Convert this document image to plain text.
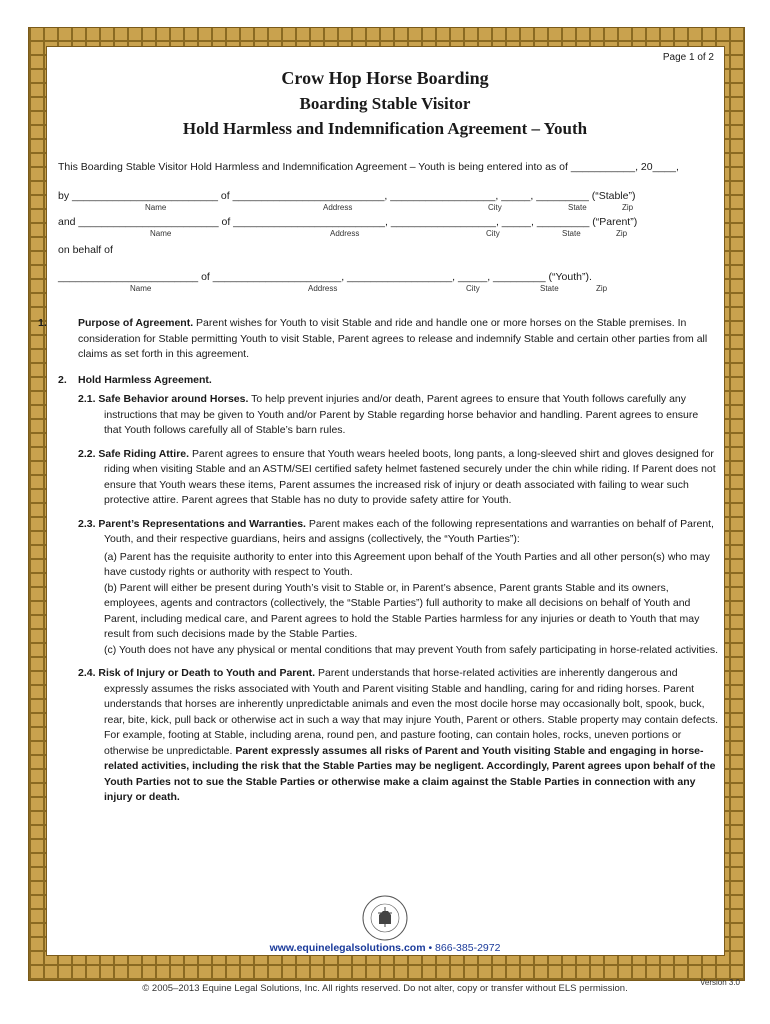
Page 1 of 2
Crow Hop Horse Boarding
Boarding Stable Visitor
Hold Harmless and Indemnification Agreement – Youth
This Boarding Stable Visitor Hold Harmless and Indemnification Agreement – Youth is being entered into as of ___________, 20____,
by _________________________ of __________________________, __________________, _____, _________ (“Stable”)
Name	Address	City	State	Zip
and ________________________ of __________________________, __________________, _____, _________ (“Parent”)
Name	Address	City	State	Zip
on behalf of
________________________ of ______________________, __________________, _____, _________ (“Youth”).
Name	Address	City	State	Zip
1.	Purpose of Agreement. Parent wishes for Youth to visit Stable and ride and handle one or more horses on the Stable premises. In consideration for Stable permitting Youth to visit Stable, Parent agrees to release and indemnify Stable and certain other parties from all claims as set forth in this agreement.
2. Hold Harmless Agreement.
2.1. Safe Behavior around Horses. To help prevent injuries and/or death, Parent agrees to ensure that Youth follows carefully any instructions that may be given to Youth and/or Parent by Stable regarding horse behavior and handling. Parent agrees to ensure that Youth follows carefully all of Stable’s barn rules.
2.2. Safe Riding Attire. Parent agrees to ensure that Youth wears heeled boots, long pants, a long-sleeved shirt and gloves designed for riding when visiting Stable and an ASTM/SEI certified safety helmet fastened securely under the chin while riding. If Parent does not ensure that Youth wears these items, Parent assumes the increased risk of injury or death associated with failing to wear such protective attire. Parent agrees that Stable has no duty to provide safety attire for Youth.
2.3. Parent’s Representations and Warranties. Parent makes each of the following representations and warranties on behalf of Parent, Youth, and their respective guardians, heirs and assigns (collectively, the “Youth Parties”):
(a) Parent has the requisite authority to enter into this Agreement upon behalf of the Youth Parties and all other person(s) who may have custody rights or authority with respect to Youth.
(b) Parent will either be present during Youth’s visit to Stable or, in Parent’s absence, Parent grants Stable and its owners, employees, agents and contractors (collectively, the “Stable Parties”) full authority to make all decisions on behalf of Youth and Parent, including medical care, and Parent agrees to hold the Stable Parties harmless for any injuries or death to Youth that may result from such decisions made by the Stable Parties.
(c) Youth does not have any physical or mental conditions that may prevent Youth from safely participating in horse-related activities.
2.4. Risk of Injury or Death to Youth and Parent. Parent understands that horse-related activities are inherently dangerous and expressly assumes the risks associated with Youth and Parent visiting Stable and handling, caring for and riding horses. Parent understands that horses are inherently unpredictable animals and even the most docile horse may occasionally bolt, spook, buck, rear, bite, kick, pull back or otherwise act in such a way that may injure Youth, Parent or others. Stable property may contain defects. For example, footing at Stable, including arena, round pen, and pasture footing, can contain holes, rocks, uneven portions or otherwise be unpredictable. Parent expressly assumes all risks of Parent and Youth visiting Stable and engaging in horse-related activities, including the risk that the Stable Parties may be negligent. Accordingly, Parent agrees upon behalf of the Youth Parties not to sue the Stable Parties or otherwise make a claim against the Stable Parties in connection with any injury or death.
www.equinelegalsolutions.com • 866-385-2972
© 2005–2013 Equine Legal Solutions, Inc. All rights reserved. Do not alter, copy or transfer without ELS permission.
Version 3.0
